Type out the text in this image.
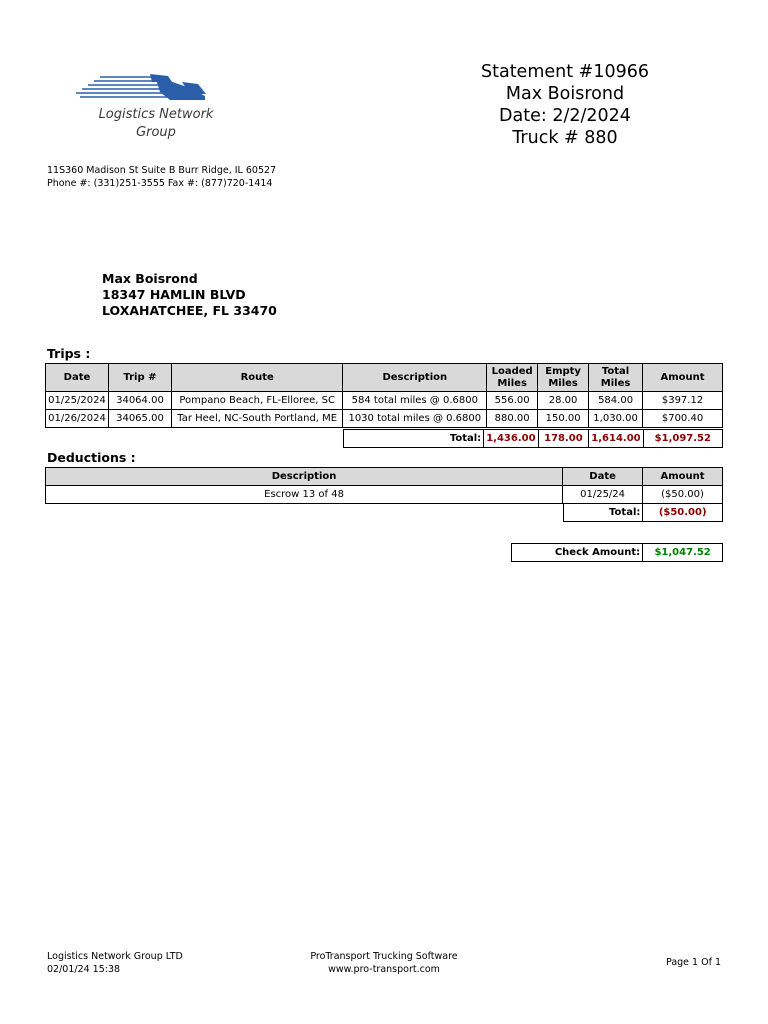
Logistics Network
Group
11S360 Madison St Suite B Burr Ridge, IL 60527
Phone #: (331)251-3555 Fax #: (877)720-1414
Statement #10966
Max Boisrond
Date: 2/2/2024
Truck # 880
Max Boisrond
18347 HAMLIN BLVD
LOXAHATCHEE, FL 33470
Trips :
Date	Trip #	Route	Description	Loaded Miles	Empty Miles	Total Miles	Amount
01/25/2024	34064.00	Pompano Beach, FL-Elloree, SC	584 total miles @ 0.6800	556.00	28.00	584.00	$397.12
01/26/2024	34065.00	Tar Heel, NC-South Portland, ME	1030 total miles @ 0.6800	880.00	150.00	1,030.00	$700.40
Total:	1,436.00	178.00	1,614.00	$1,097.52
Deductions :
Description	Date	Amount
Escrow 13 of 48	01/25/24	($50.00)
Total:	($50.00)
Check Amount:	$1,047.52
Logistics Network Group LTD
02/01/24 15:38
ProTransport Trucking Software
www.pro-transport.com
Page 1 Of 1
